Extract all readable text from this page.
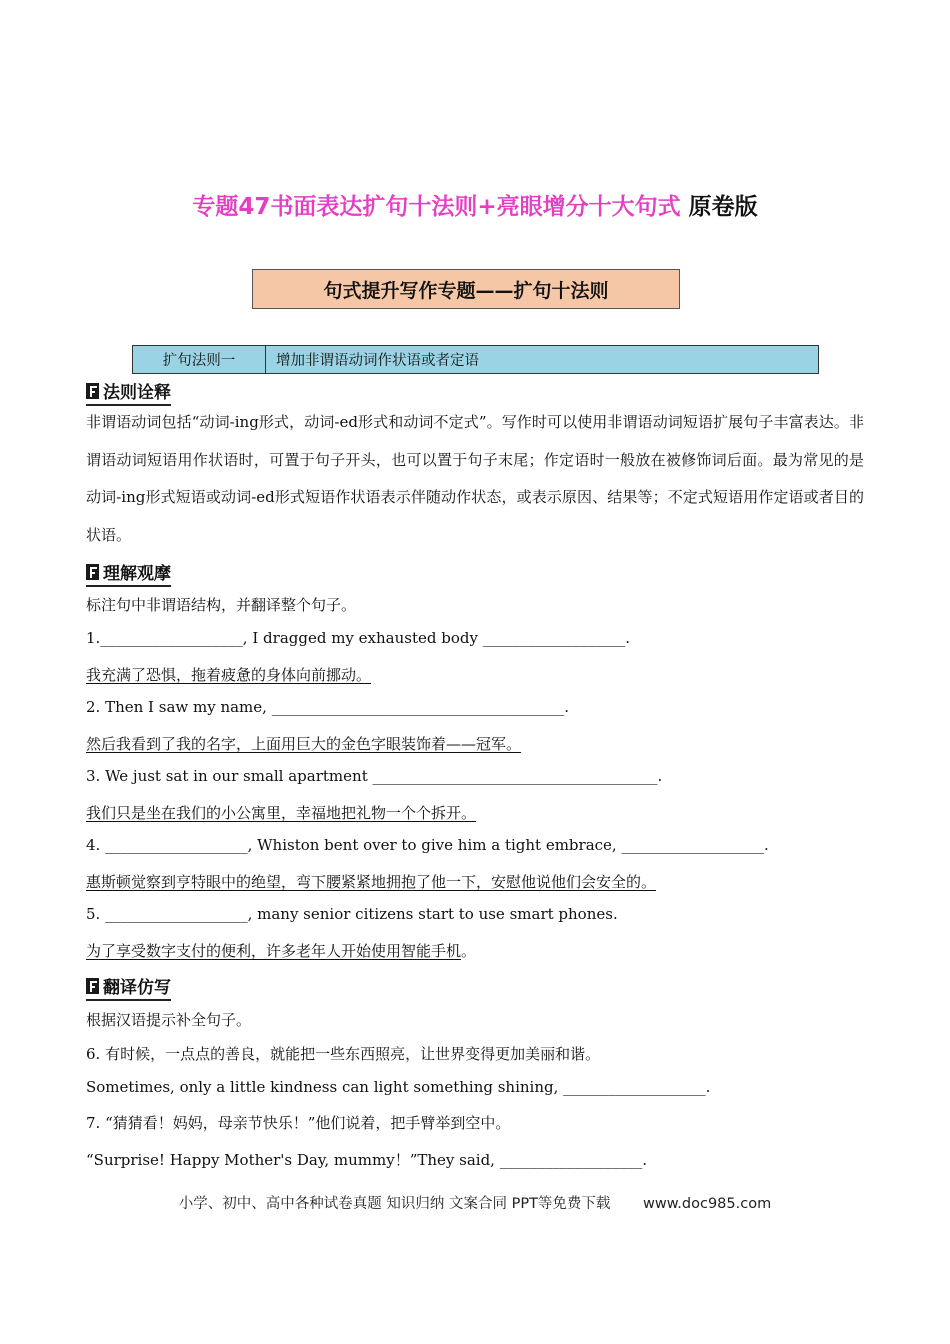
专题47书面表达扩句十法则+亮眼增分十大句式 原卷版
句式提升写作专题——扩句十法则
扩句法则一	增加非谓语动词作状语或者定语
法则诠释
非谓语动词包括“动词-ing形式，动词-ed形式和动词不定式”。写作时可以使用非谓语动词短语扩展句子丰富表达。非谓语动词短语用作状语时，可置于句子开头，也可以置于句子末尾；作定语时一般放在被修饰词后面。最为常见的是动词-ing形式短语或动词-ed形式短语作状语表示伴随动作状态，或表示原因、结果等；不定式短语用作定语或者目的状语。
理解观摩
标注句中非谓语结构，并翻译整个句子。
1.___________________, I dragged my exhausted body ___________________.
我充满了恐惧，拖着疲惫的身体向前挪动。
2. Then I saw my name, _______________________________________.
然后我看到了我的名字，上面用巨大的金色字眼装饰着——冠军。
3. We just sat in our small apartment ______________________________________.
我们只是坐在我们的小公寓里，幸福地把礼物一个个拆开。
4. ___________________, Whiston bent over to give him a tight embrace, ___________________.
惠斯顿觉察到亨特眼中的绝望，弯下腰紧紧地拥抱了他一下，安慰他说他们会安全的。
5. ___________________, many senior citizens start to use smart phones.
为了享受数字支付的便利，许多老年人开始使用智能手机。
翻译仿写
根据汉语提示补全句子。
6. 有时候，一点点的善良，就能把一些东西照亮，让世界变得更加美丽和谐。
Sometimes, only a little kindness can light something shining, ___________________.
7. “猜猜看！妈妈，母亲节快乐！”他们说着，把手臂举到空中。
“Surprise! Happy Mother's Day, mummy！”They said, ___________________.
小学、初中、高中各种试卷真题 知识归纳 文案合同 PPT等免费下载 www.doc985.com
